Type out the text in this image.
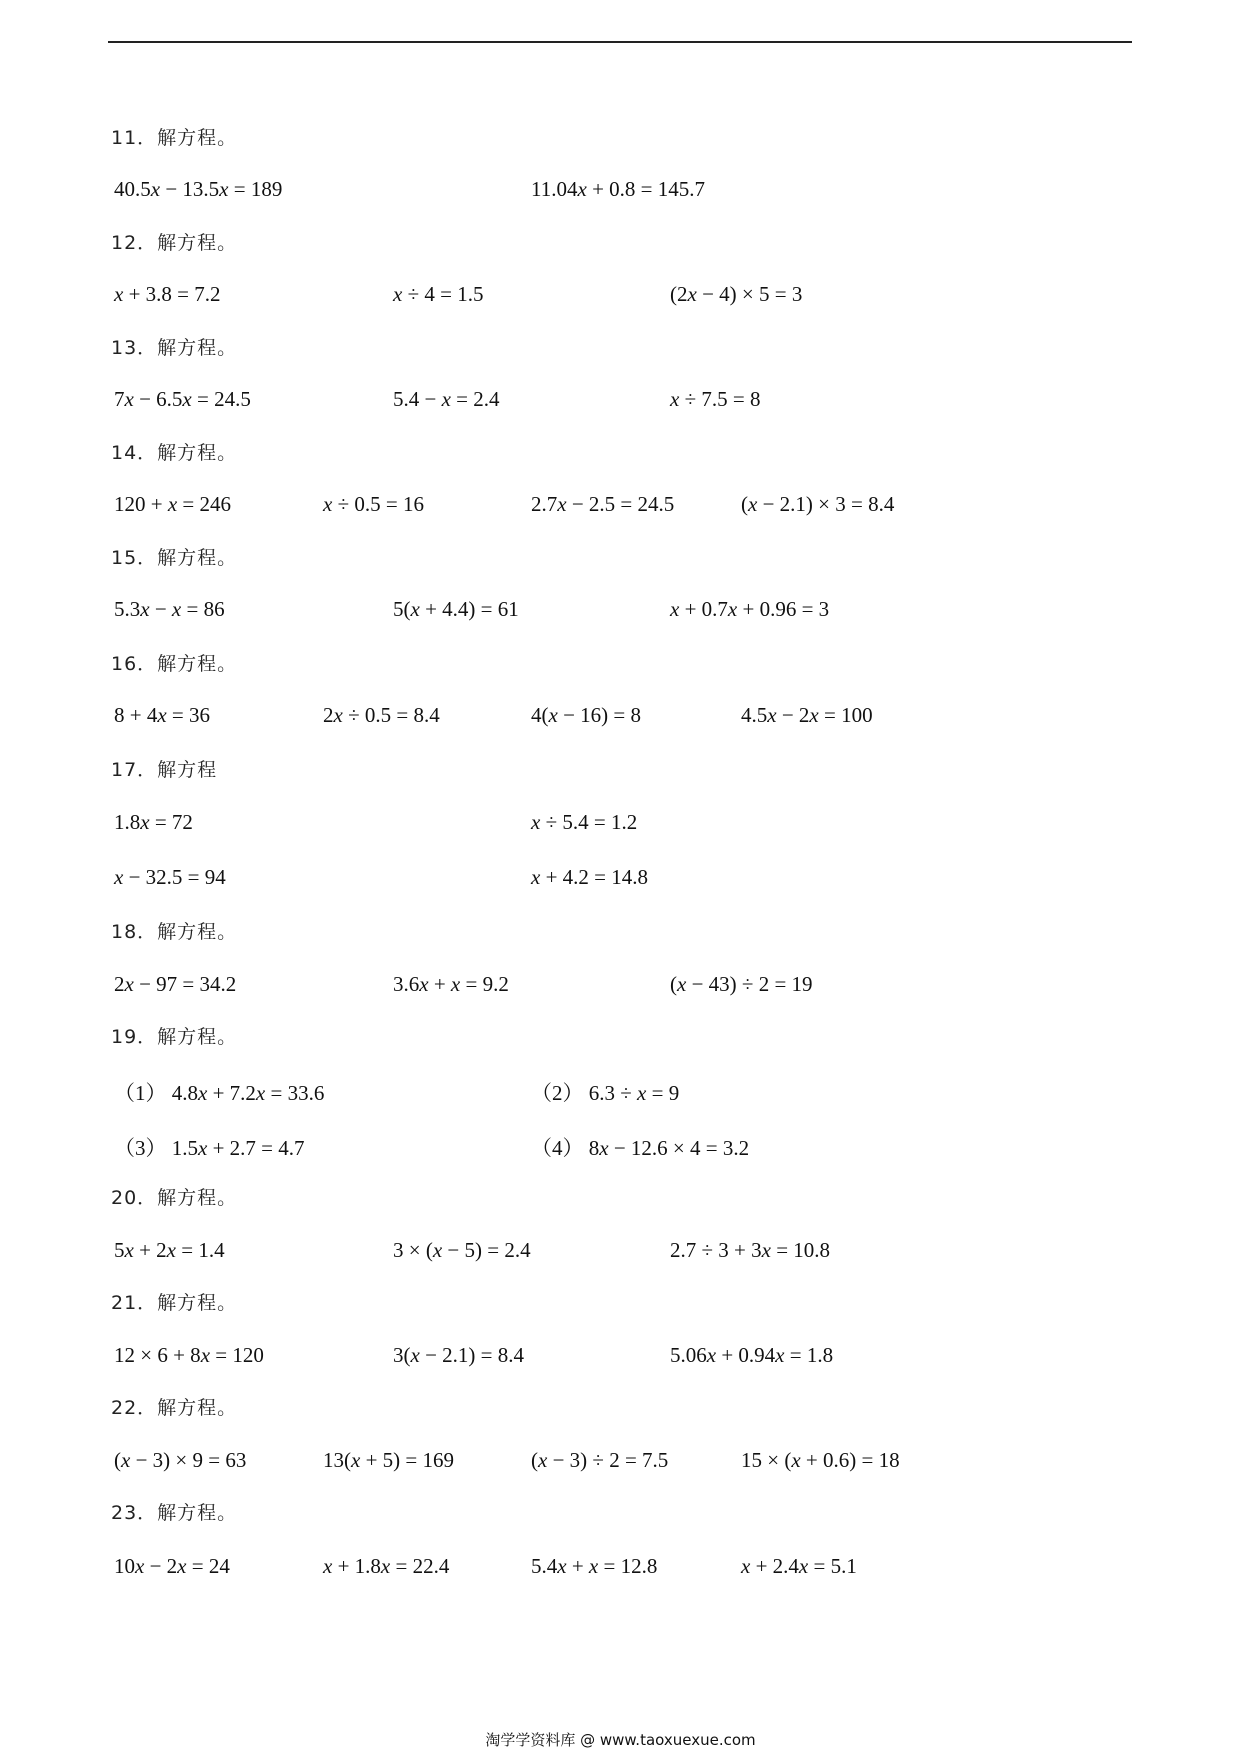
11．解方程。
40.5x − 13.5x = 189	11.04x + 0.8 = 145.7
12．解方程。
x + 3.8 = 7.2	x ÷ 4 = 1.5	(2x − 4) × 5 = 3
13．解方程。
7x − 6.5x = 24.5	5.4 − x = 2.4	x ÷ 7.5 = 8
14．解方程。
120 + x = 246	x ÷ 0.5 = 16	2.7x − 2.5 = 24.5	(x − 2.1) × 3 = 8.4
15．解方程。
5.3x − x = 86	5(x + 4.4) = 61	x + 0.7x + 0.96 = 3
16．解方程。
8 + 4x = 36	2x ÷ 0.5 = 8.4	4(x − 16) = 8	4.5x − 2x = 100
17．解方程
1.8x = 72	x ÷ 5.4 = 1.2
x − 32.5 = 94	x + 4.2 = 14.8
18．解方程。
2x − 97 = 34.2	3.6x + x = 9.2	(x − 43) ÷ 2 = 19
19．解方程。
（1） 4.8x + 7.2x = 33.6	（2） 6.3 ÷ x = 9
（3） 1.5x + 2.7 = 4.7	（4） 8x − 12.6 × 4 = 3.2
20．解方程。
5x + 2x = 1.4	3 × (x − 5) = 2.4	2.7 ÷ 3 + 3x = 10.8
21．解方程。
12 × 6 + 8x = 120	3(x − 2.1) = 8.4	5.06x + 0.94x = 1.8
22．解方程。
(x − 3) × 9 = 63	13(x + 5) = 169	(x − 3) ÷ 2 = 7.5	15 × (x + 0.6) = 18
23．解方程。
10x − 2x = 24	x + 1.8x = 22.4	5.4x + x = 12.8	x + 2.4x = 5.1
淘学学资料库 @ www.taoxuexue.com
